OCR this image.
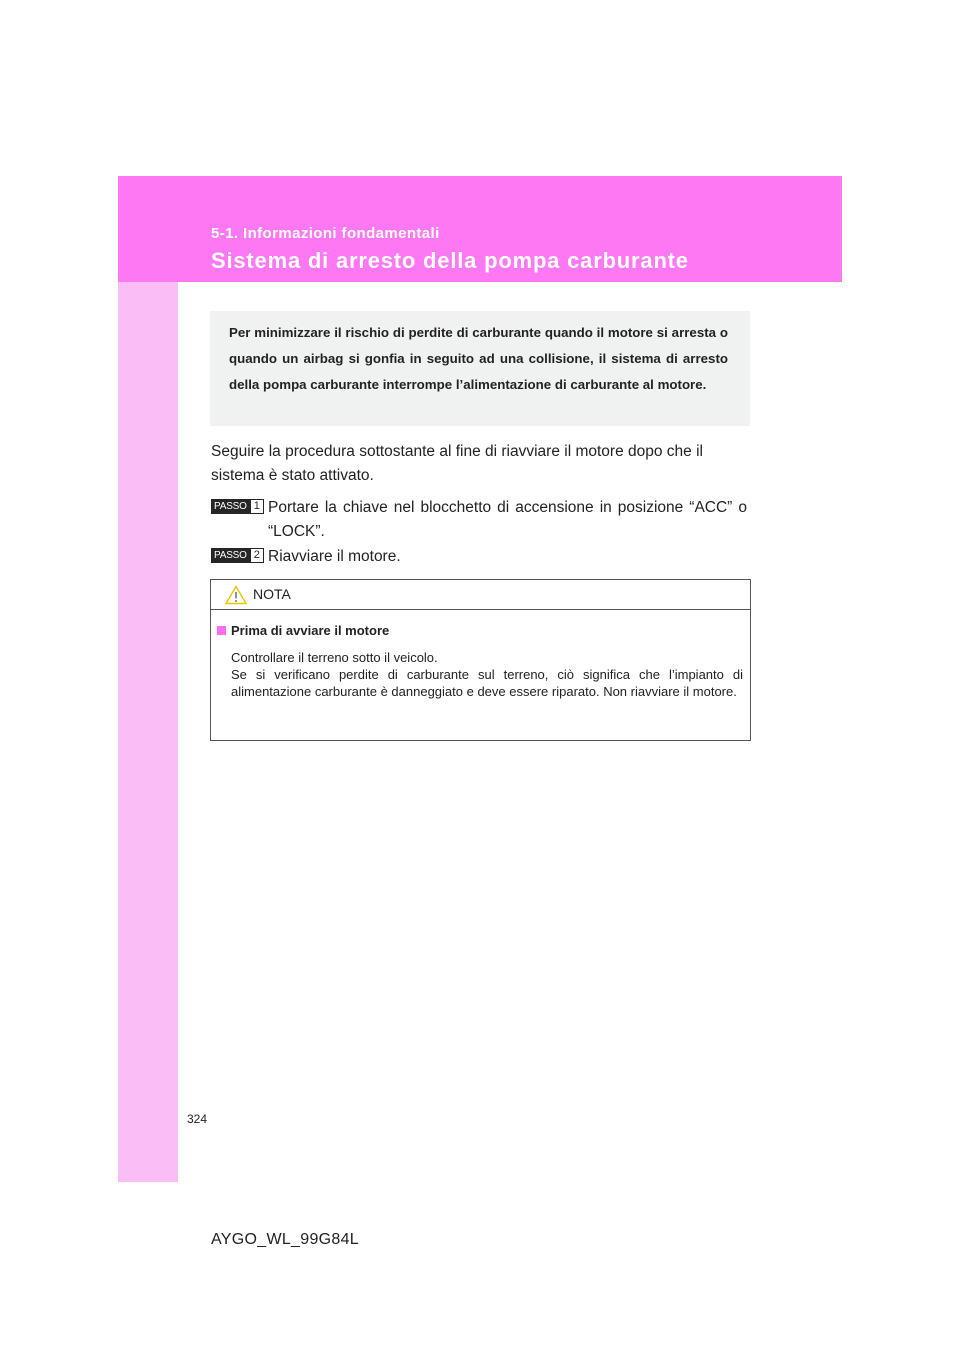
5-1. Informazioni fondamentali
Sistema di arresto della pompa carburante

Per minimizzare il rischio di perdite di carburante quando il motore si arresta o quando un airbag si gonfia in seguito ad una collisione, il sistema di arresto della pompa carburante interrompe l’alimentazione di carburante al motore.

Seguire la procedura sottostante al fine di riavviare il motore dopo che il sistema è stato attivato.

PASSO 1 Portare la chiave nel blocchetto di accensione in posizione “ACC” o “LOCK”.

PASSO 2 Riavviare il motore.

NOTA
Prima di avviare il motore

Controllare il terreno sotto il veicolo.

Se si verificano perdite di carburante sul terreno, ciò significa che l’impianto di alimentazione carburante è danneggiato e deve essere riparato. Non riavviare il motore.

324
AYGO_WL_99G84L
